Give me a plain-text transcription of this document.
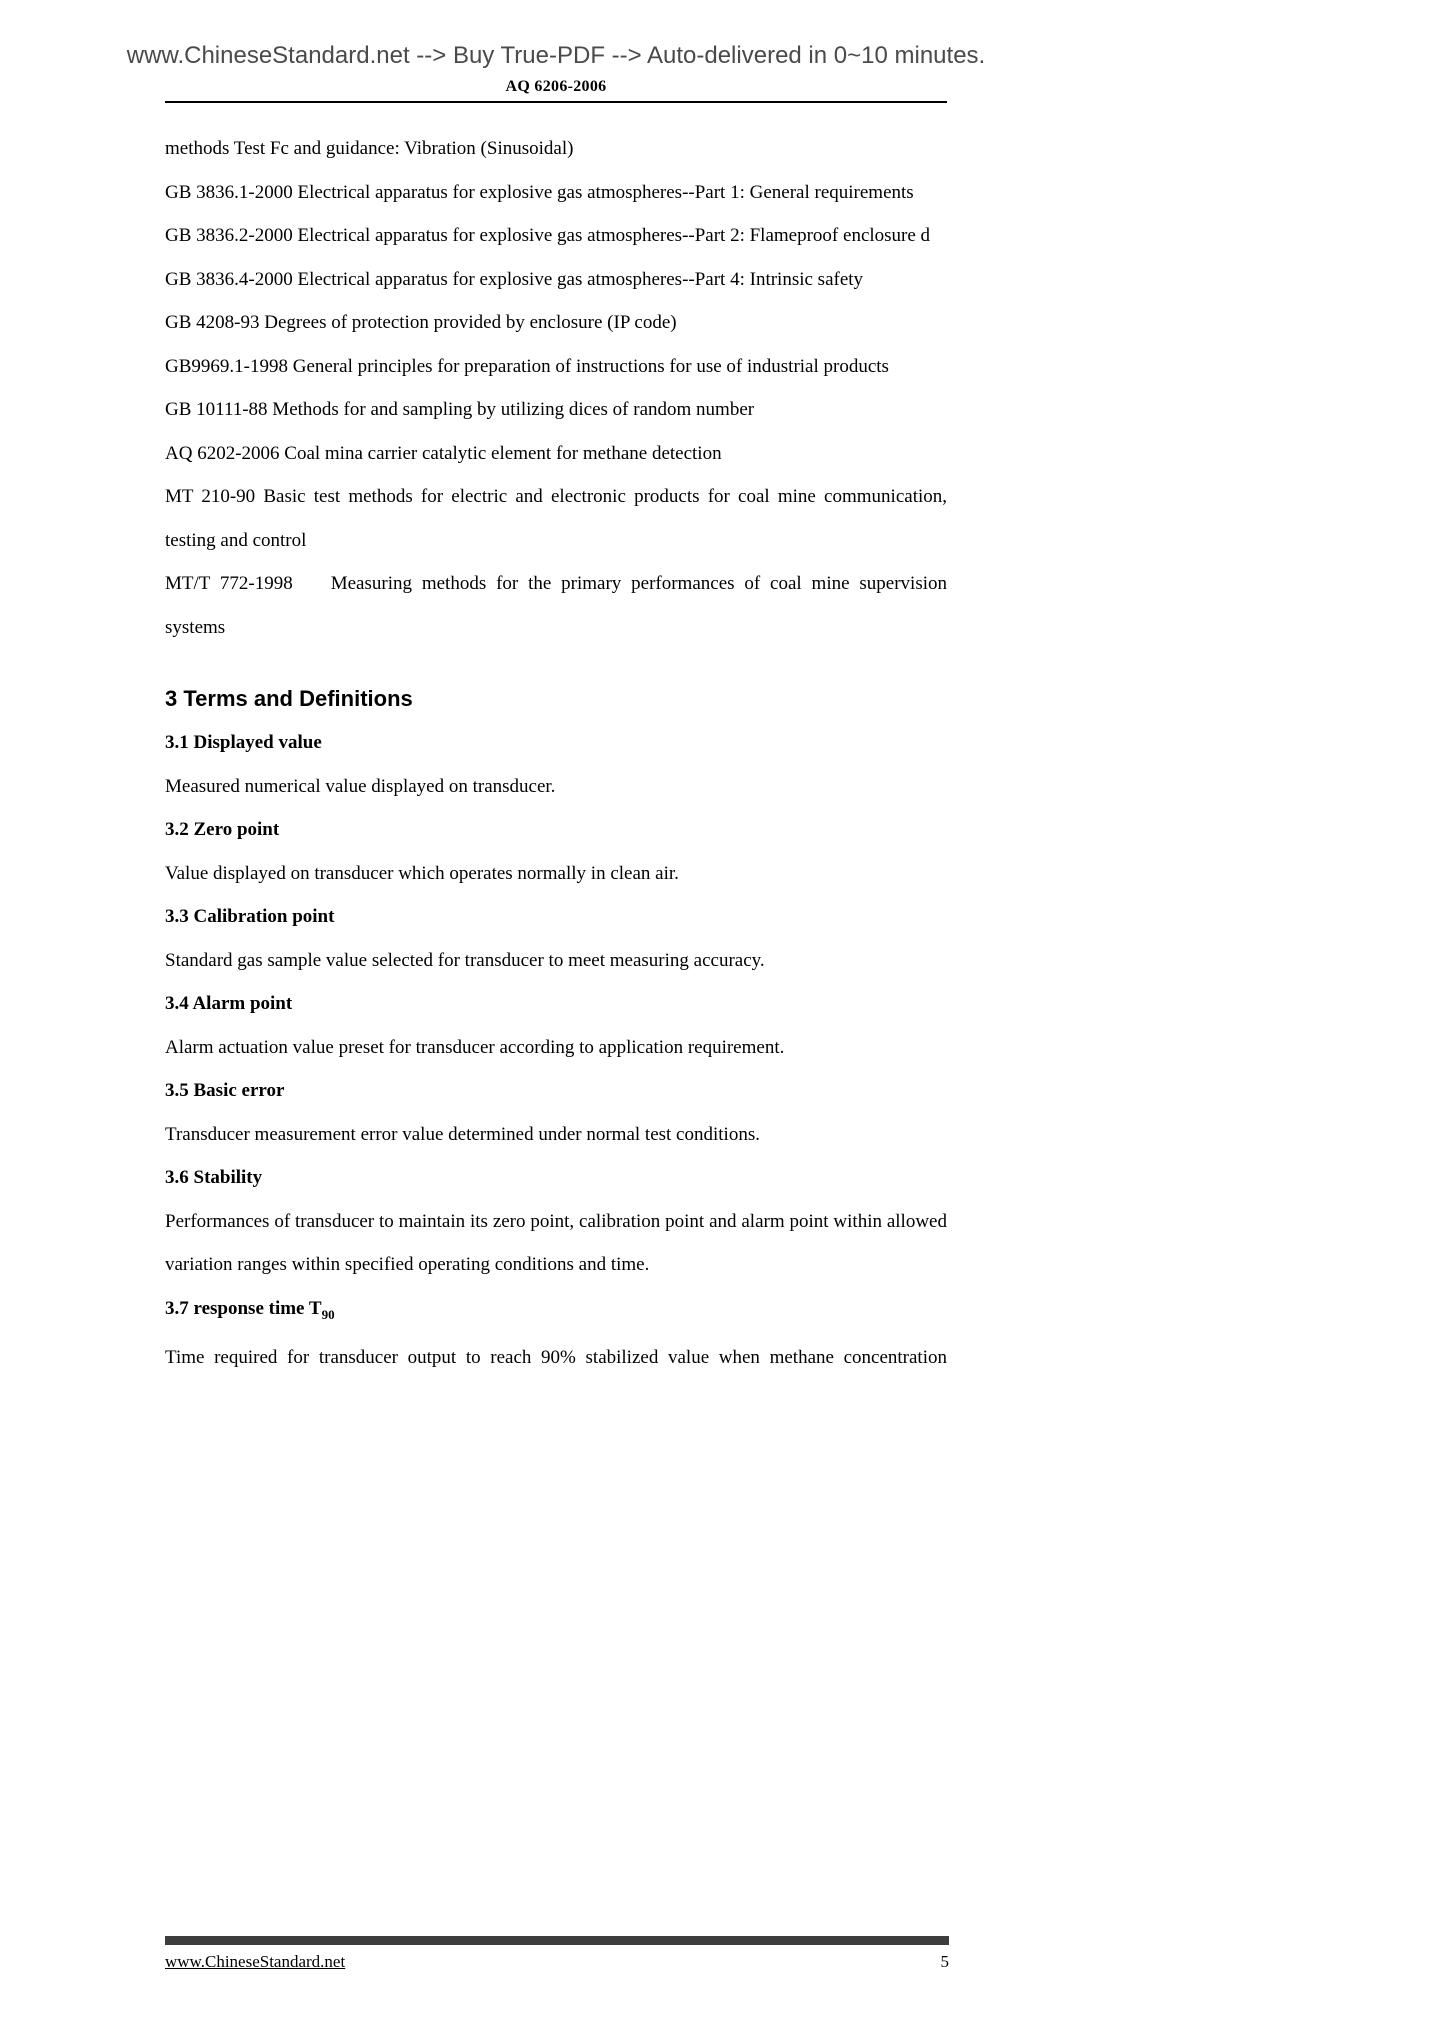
www.ChineseStandard.net --> Buy True-PDF --> Auto-delivered in 0~10 minutes.
AQ 6206-2006

methods Test Fc and guidance: Vibration (Sinusoidal)

GB 3836.1-2000 Electrical apparatus for explosive gas atmospheres--Part 1: General requirements

GB 3836.2-2000 Electrical apparatus for explosive gas atmospheres--Part 2: Flameproof enclosure d

GB 3836.4-2000 Electrical apparatus for explosive gas atmospheres--Part 4: Intrinsic safety

GB 4208-93 Degrees of protection provided by enclosure (IP code)

GB9969.1-1998 General principles for preparation of instructions for use of industrial products

GB 10111-88 Methods for and sampling by utilizing dices of random number

AQ 6202-2006 Coal mina carrier catalytic element for methane detection

MT 210-90 Basic test methods for electric and electronic products for coal mine communication, testing and control

MT/T 772-1998  Measuring methods for the primary performances of coal mine supervision systems

3 Terms and Definitions
3.1 Displayed value

Measured numerical value displayed on transducer.

3.2 Zero point

Value displayed on transducer which operates normally in clean air.

3.3 Calibration point

Standard gas sample value selected for transducer to meet measuring accuracy.

3.4 Alarm point

Alarm actuation value preset for transducer according to application requirement.

3.5 Basic error

Transducer measurement error value determined under normal test conditions.

3.6 Stability

Performances of transducer to maintain its zero point, calibration point and alarm point within allowed variation ranges within specified operating conditions and time.

3.7 response time $T_{90}$

Time required for transducer output to reach 90% stabilized value when methane concentration

www.ChineseStandard.net	5
